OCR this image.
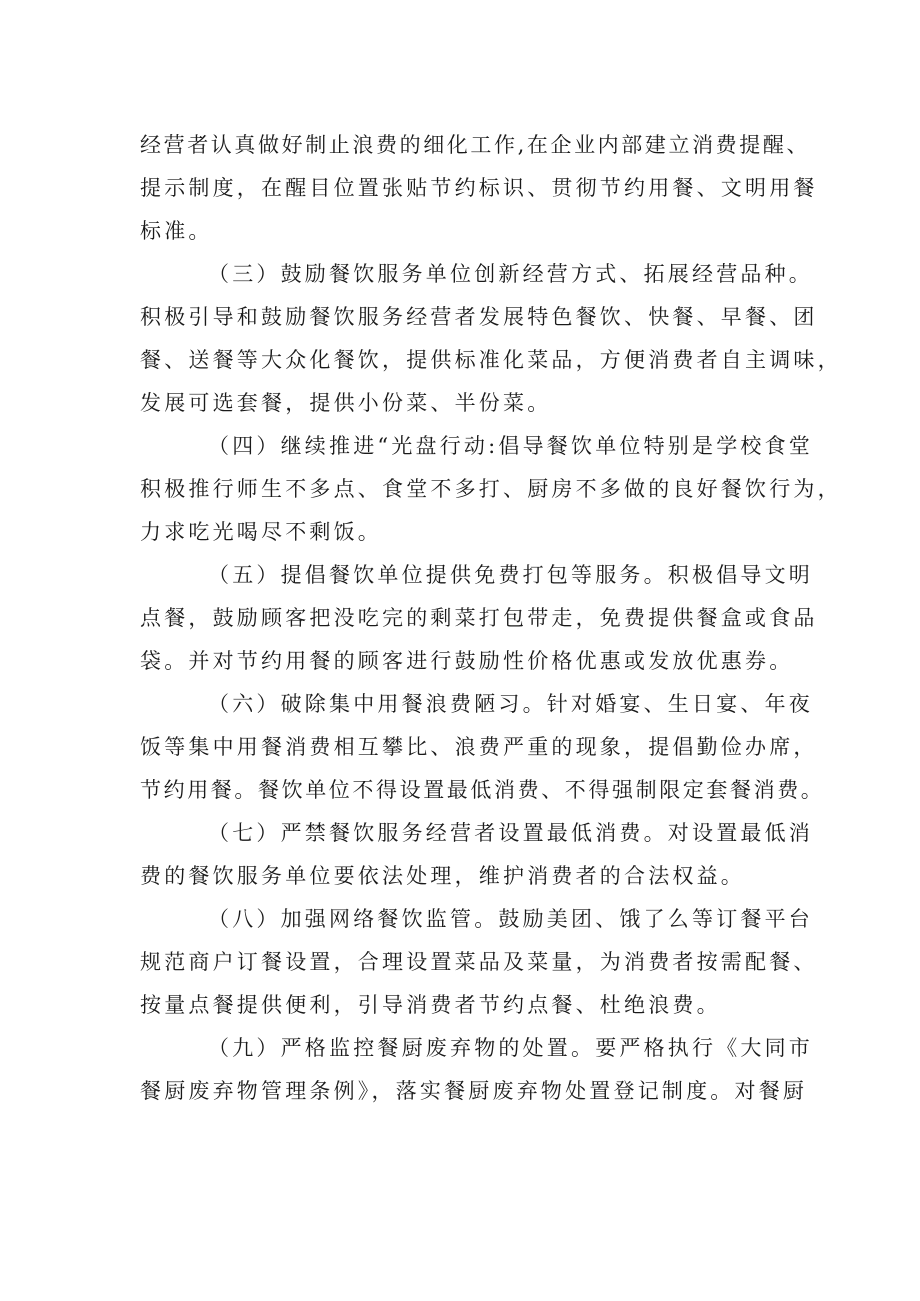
经营者认真做好制止浪费的细化工作,在企业内部建立消费提醒、
提示制度，在醒目位置张贴节约标识、贯彻节约用餐、文明用餐
标准。
（三）鼓励餐饮服务单位创新经营方式、拓展经营品种。
积极引导和鼓励餐饮服务经营者发展特色餐饮、快餐、早餐、团
餐、送餐等大众化餐饮，提供标准化菜品，方便消费者自主调味，
发展可选套餐，提供小份菜、半份菜。
（四）继续推进“光盘行动:倡导餐饮单位特别是学校食堂
积极推行师生不多点、食堂不多打、厨房不多做的良好餐饮行为，
力求吃光喝尽不剩饭。
（五）提倡餐饮单位提供免费打包等服务。积极倡导文明
点餐，鼓励顾客把没吃完的剩菜打包带走，免费提供餐盒或食品
袋。并对节约用餐的顾客进行鼓励性价格优惠或发放优惠券。
（六）破除集中用餐浪费陋习。针对婚宴、生日宴、年夜
饭等集中用餐消费相互攀比、浪费严重的现象，提倡勤俭办席，
节约用餐。餐饮单位不得设置最低消费、不得强制限定套餐消费。
（七）严禁餐饮服务经营者设置最低消费。对设置最低消
费的餐饮服务单位要依法处理，维护消费者的合法权益。
（八）加强网络餐饮监管。鼓励美团、饿了么等订餐平台
规范商户订餐设置，合理设置菜品及菜量，为消费者按需配餐、
按量点餐提供便利，引导消费者节约点餐、杜绝浪费。
（九）严格监控餐厨废弃物的处置。要严格执行《大同市
餐厨废弃物管理条例》，落实餐厨废弃物处置登记制度。对餐厨
